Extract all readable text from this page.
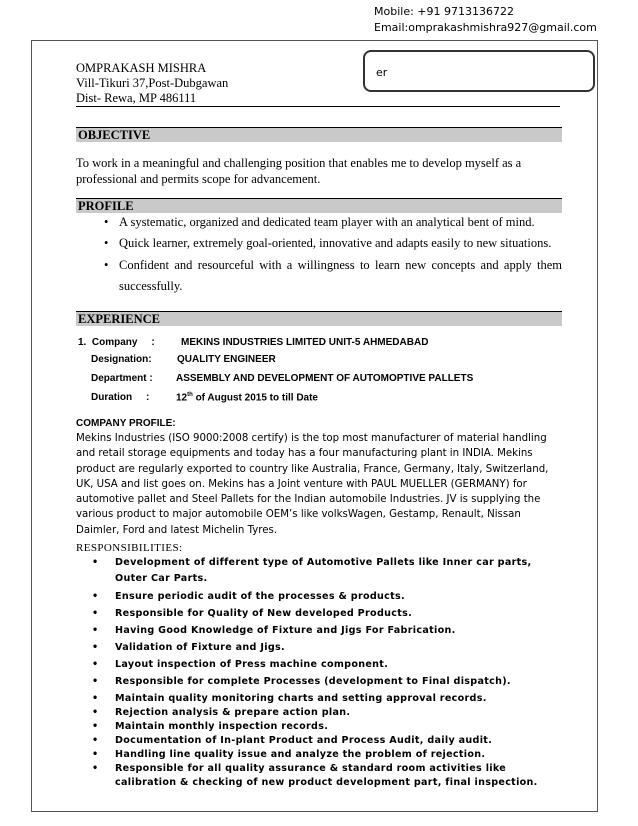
Mobile: +91 9713136722
Email:omprakashmishra927@gmail.com
er
OMPRAKASH MISHRA
Vill-Tikuri 37,Post-Dubgawan
Dist- Rewa, MP 486111
OBJECTIVE
To work in a meaningful and challenging position that enables me to develop myself as a professional and permits scope for advancement.
PROFILE
• A systematic, organized and dedicated team player with an analytical bent of mind.
• Quick learner, extremely goal-oriented, innovative and adapts easily to new situations.
• Confident and resourceful with a willingness to learn new concepts and apply them successfully.
EXPERIENCE
1.  Company     :	MEKINS INDUSTRIES LIMITED UNIT-5 AHMEDABAD
Designation:	QUALITY ENGINEER
Department : ASSEMBLY AND DEVELOPMENT OF AUTOMOPTIVE PALLETS
Duration     :	12th of August 2015 to till Date
COMPANY PROFILE:
Mekins Industries (ISO 9000:2008 certify) is the top most manufacturer of material handling and retail storage equipments and today has a four manufacturing plant in INDIA. Mekins product are regularly exported to country like Australia, France, Germany, Italy, Switzerland, UK, USA and list goes on. Mekins has a Joint venture with PAUL MUELLER (GERMANY) for automotive pallet and Steel Pallets for the Indian automobile Industries. JV is supplying the various product to major automobile OEM’s like volksWagen, Gestamp, Renault, Nissan Daimler, Ford and latest Michelin Tyres.
RESPONSIBILITIES:
• Development of different type of Automotive Pallets like Inner car parts, Outer Car Parts.
• Ensure periodic audit of the processes & products.
• Responsible for Quality of New developed Products.
• Having Good Knowledge of Fixture and Jigs For Fabrication.
• Validation of Fixture and Jigs.
• Layout inspection of Press machine component.
• Responsible for complete Processes (development to Final dispatch).
• Maintain quality monitoring charts and setting approval records.
• Rejection analysis & prepare action plan.
• Maintain monthly inspection records.
• Documentation of In-plant Product and Process Audit, daily audit.
• Handling line quality issue and analyze the problem of rejection.
• Responsible for all quality assurance & standard room activities like calibration & checking of new product development part, final inspection.
